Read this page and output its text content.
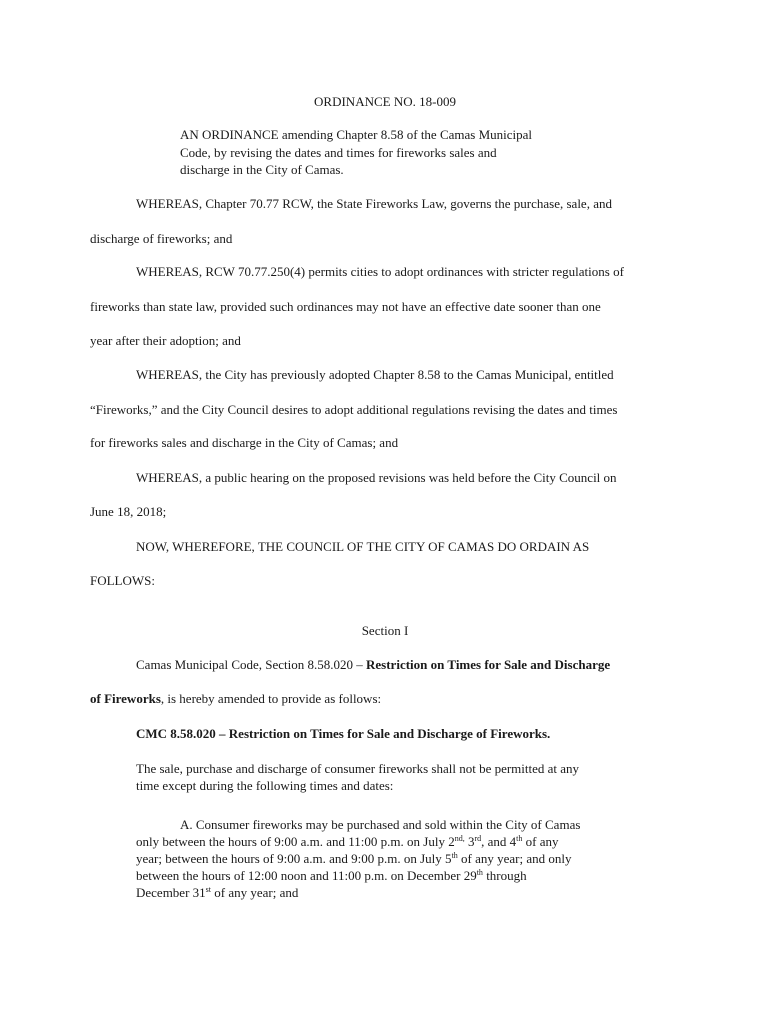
ORDINANCE NO. 18-009
AN ORDINANCE amending Chapter 8.58 of the Camas Municipal
Code, by revising the dates and times for fireworks sales and
discharge in the City of Camas.
WHEREAS, Chapter 70.77 RCW, the State Fireworks Law, governs the purchase, sale, and
discharge of fireworks; and
WHEREAS, RCW 70.77.250(4) permits cities to adopt ordinances with stricter regulations of
fireworks than state law, provided such ordinances may not have an effective date sooner than one
year after their adoption; and
WHEREAS, the City has previously adopted Chapter 8.58 to the Camas Municipal, entitled
“Fireworks,” and the City Council desires to adopt additional regulations revising the dates and times
for fireworks sales and discharge in the City of Camas; and
WHEREAS, a public hearing on the proposed revisions was held before the City Council on
June 18, 2018;
NOW, WHEREFORE, THE COUNCIL OF THE CITY OF CAMAS DO ORDAIN AS
FOLLOWS:
Section I
Camas Municipal Code, Section 8.58.020 – Restriction on Times for Sale and Discharge
of Fireworks, is hereby amended to provide as follows:
CMC 8.58.020 – Restriction on Times for Sale and Discharge of Fireworks.
The sale, purchase and discharge of consumer fireworks shall not be permitted at any
time except during the following times and dates:
A. Consumer fireworks may be purchased and sold within the City of Camas
only between the hours of 9:00 a.m. and 11:00 p.m. on July $2^{nd,}$ 3rd, and 4th of any
year; between the hours of 9:00 a.m. and 9:00 p.m. on July 5th of any year; and only
between the hours of 12:00 noon and 11:00 p.m. on December 29th through
December 31st of any year; and
